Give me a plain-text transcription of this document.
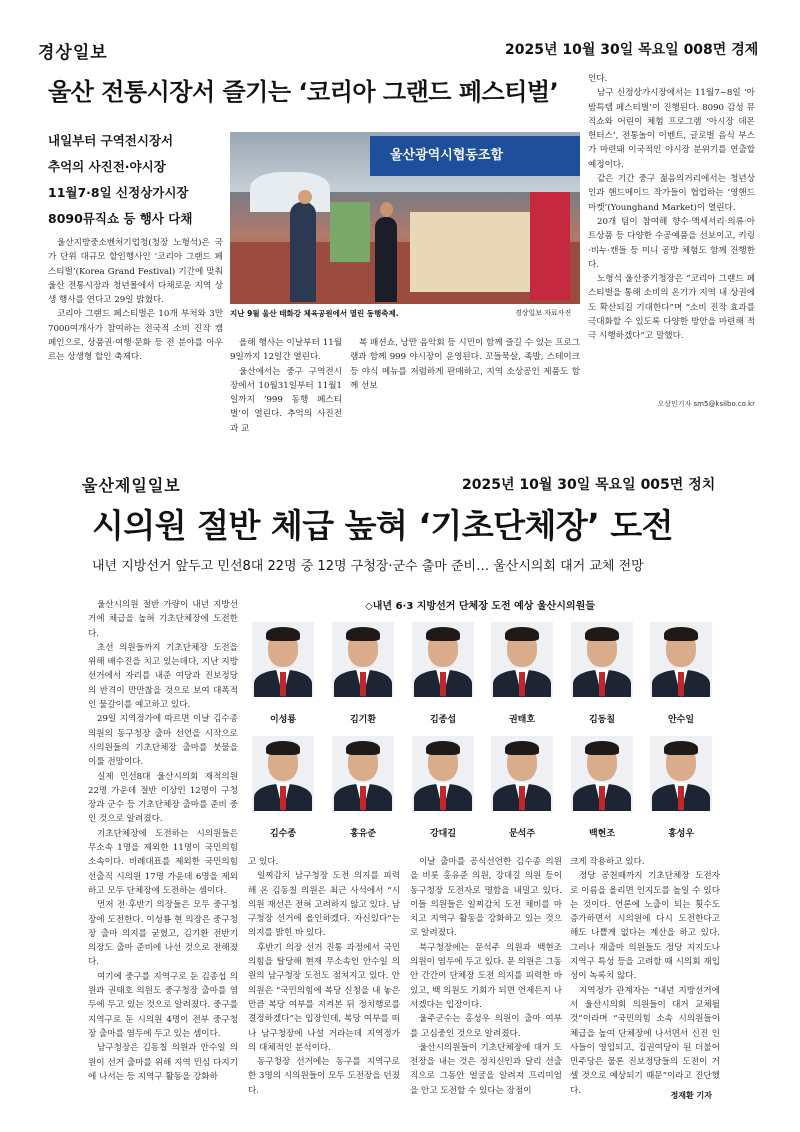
경상일보	2025년 10월 30일 목요일 008면 경제
울산 전통시장서 즐기는 ‘코리아 그랜드 페스티벌’
내일부터 구역전시장서
추억의 사진전·야시장
11월7·8일 신정상가시장
8090뮤직쇼 등 행사 다채
울산광역시협동조합
지난 9월 울산 태화강 체육공원에서 열린 동행축제.	경상일보 자료사진

울산지방중소벤처기업청(청장 노형석)은 국가 단위 대규모 할인행사인 ‘코리아 그랜드 페스티벌’(Korea Grand Festival) 기간에 맞춰 울산 전통시장과 청년몰에서 다채로운 지역 상생 행사를 연다고 29일 밝혔다.

코리아 그랜드 페스티벌은 10개 부처와 3만7000여개사가 참여하는 전국적 소비 진작 캠페인으로, 상품권·여행·문화 등 전 분야를 아우르는 상생형 할인 축제다.

올해 행사는 이날부터 11월9일까지 12일간 열린다.

울산에서는 중구 구역전시장에서 10월31일부터 11월1일까지 ‘999 동행 페스티벌’이 열린다. 추억의 사진전과 교

복 패션쇼, 낭만 음악회 등 시민이 함께 즐길 수 있는 프로그램과 함께 999 야시장이 운영된다. 꼬들묵살, 족발, 스테이크 등 야식 메뉴를 저렴하게 판매하고, 지역 소상공인 제품도 함께 선보

인다.

남구 신정상가시장에서는 11월7~8일 ‘아밤특템 페스티벌’이 진행된다. 8090 감성 뮤직쇼와 어린이 체험 프로그램 ‘아시장 데몬 헌터스’, 전통놀이 이벤트, 글로벌 음식 부스가 마련돼 이국적인 야시장 분위기를 연출할 예정이다.

같은 기간 중구 젊음의거리에서는 청년상인과 핸드메이드 작가들이 협업하는 ‘영핸드마켓’(Younghand Market)이 열린다.

20개 팀이 참여해 향수·액세서리·의류·아트상품 등 다양한 수공예품을 선보이고, 키링·비누·캔들 등 미니 공방 체험도 함께 진행한다.

노형석 울산중기청장은 “코리아 그랜드 페스티벌을 통해 소비의 온기가 지역 내 상권에도 확산되길 기대한다”며 “소비 진작 효과를 극대화할 수 있도록 다양한 방안을 마련해 적극 시행하겠다”고 말했다.

오상민기자 sm5@ksilbo.co.kr
울산제일일보	2025년 10월 30일 목요일 005면 정치
시의원 절반 체급 높혀 ‘기초단체장’ 도전
내년 지방선거 앞두고 민선8대 22명 중 12명 구청장·군수 출마 준비… 울산시의회 대거 교체 전망
◇내년 6·3 지방선거 단체장 도전 예상 울산시의원들
이성룡	김기환	김종섭	권태호	김동칠	안수일
김수종	홍유준	강대길	문석주	백현조	홍성우

울산시의원 절반 가량이 내년 지방선거에 체급을 높혀 기초단체장에 도전한다.

초선 의원들까지 기초단체장 도전을 위해 배수진을 치고 있는데다, 지난 지방선거에서 자리를 내준 여당과 진보정당의 반격이 만만찮을 것으로 보여 대폭적인 물갈이를 예고하고 있다.

29일 지역정가에 따르면 이날 김수종 의원의 동구청장 출마 선언을 시작으로 시의원들의 기초단체장 출마를 붓물을 이룰 전망이다.

실제 민선8대 울산시의회 재적의원 22명 가운데 절반 이상인 12명이 구청장과 군수 등 기초단체장 출마를 준비 중인 것으로 알려졌다.

기초단체장에 도전하는 시의원들은 무소속 1명을 제외한 11명이 국민의힘 소속이다. 비례대표를 제외한 국민의힘 선출직 시의원 17명 가운데 6명을 제외하고 모두 단체장에 도전하는 셈이다.

먼저 전·후반기 의장들은 모두 중구청장에 도전한다. 이성룡 현 의장은 중구청장 출마 의지를 굳혔고, 김기환 전반기 의장도 출마 준비에 나선 것으로 전해졌다.

여기에 중구를 지역구로 둔 김종섭 의원과 권태호 의원도 중구청장 출마를 염두에 두고 있는 것으로 알려졌다. 중구를 지역구로 둔 시의원 4명이 전부 중구청장 출마를 염두에 두고 있는 셈이다.

남구청장은 김동칠 의원과 안수일 의원이 선거 출마를 위해 지역 민심 다지기에 나서는 등 지역구 활동을 강화하

고 있다.

일찌감치 남구청장 도전 의지를 피력해 온 김동칠 의원은 최근 사석에서 “시의원 재선은 전혀 고려하지 않고 있다. 남구청장 선거에 올인하겠다. 자신있다”는 의지를 밝힌 바 있다.

후반기 의장 선거 진통 과정에서 국민의힘을 탈당해 현재 무소속인 안수일 의원의 남구청장 도전도 점쳐지고 있다. 안 의원은 “국민의힘에 복당 신청을 내 놓은 만큼 복당 여부를 지켜본 뒤 정치행로를 결정하겠다”는 입장인데, 복당 여부를 떠나 남구청장에 나설 거라는데 지역정가의 대체적인 분석이다.

동구청장 선거에는 동구를 지역구로 한 3명의 시의원들이 모두 도전장을 던졌다.

이날 출마를 공식선언한 김수종 의원을 비롯 홍유준 의원, 강대길 의원 등이 동구청장 도전자로 명함을 내밀고 있다. 이들 의원들은 일찌감치 도전 채비를 마치고 지역구 활동을 강화하고 있는 것으로 알려졌다.

북구청장에는 문석주 의원과 백현조 의원이 염두에 두고 있다. 문 의원은 그동안 간간이 단체장 도전 의지를 피력한 바 있고, 백 의원도 기회가 되면 언제든지 나서겠다는 입장이다.

울주군수는 홍성우 의원이 출마 여부를 고심중인 것으로 알려졌다.

울산시의원들이 기초단체장에 대거 도전장을 내는 것은 정치신인과 달리 선출직으로 그동안 얼굴을 알려져 프리미엄을 안고 도전할 수 있다는 장점이

크게 작용하고 있다.

정당 공천때까지 기초단체장 도전자로 이름을 올리면 인지도를 높일 수 있다는 것이다. 언론에 노출이 되는 횟수도 증가하면서 시의원에 다시 도전한다고 해도 나쁠게 없다는 계산을 하고 있다. 그러나 재출마 의원들도 정당 지지도나 지역구 특성 등을 고려할 때 시의회 재입성이 녹록치 않다.

지역정가 관계자는 “내년 지방선거에서 울산시의회 의원들이 대거 교체될 것”이라며 “국민의힘 소속 시의원들이 체급을 높여 단체장에 나서면서 신진 인사들이 영입되고, 집권여당이 된 더불어민주당은 물론 진보정당들의 도전이 거셀 것으로 예상되기 때문”이라고 진단했다.	정재환 기자
